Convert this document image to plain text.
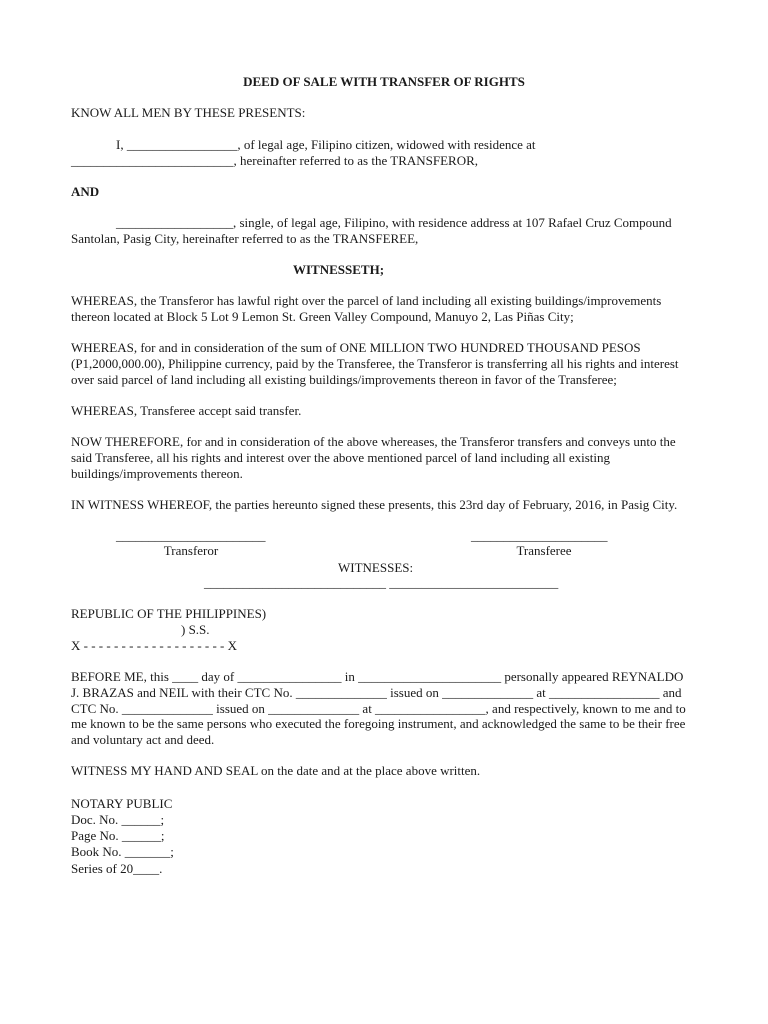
DEED OF SALE WITH TRANSFER OF RIGHTS
KNOW ALL MEN BY THESE PRESENTS:
I, _________________, of legal age, Filipino citizen, widowed with residence at
_________________________, hereinafter referred to as the TRANSFEROR,
AND
__________________, single, of legal age, Filipino, with residence address at 107 Rafael Cruz Compound
Santolan, Pasig City, hereinafter referred to as the TRANSFEREE,
WITNESSETH;
WHEREAS, the Transferor has lawful right over the parcel of land including all existing buildings/improvements
thereon located at Block 5 Lot 9 Lemon St. Green Valley Compound, Manuyo 2, Las Piñas City;
WHEREAS, for and in consideration of the sum of ONE MILLION TWO HUNDRED THOUSAND PESOS
(P1,2000,000.00), Philippine currency, paid by the Transferee, the Transferor is transferring all his rights and interest
over said parcel of land including all existing buildings/improvements thereon in favor of the Transferee;
WHEREAS, Transferee accept said transfer.
NOW THEREFORE, for and in consideration of the above whereases, the Transferor transfers and conveys unto the
said Transferee, all his rights and interest over the above mentioned parcel of land including all existing
buildings/improvements thereon.
IN WITNESS WHEREOF, the parties hereunto signed these presents, this 23rd day of February, 2016, in Pasig City.
_______________________
Transferor
_____________________
Transferee
WITNESSES:
____________________________ __________________________
REPUBLIC OF THE PHILIPPINES)
) S.S.
X - - - - - - - - - - - - - - - - - - - X
BEFORE ME, this ____ day of ________________ in ______________________ personally appeared REYNALDO
J. BRAZAS and NEIL with their CTC No. ______________ issued on ______________ at _________________ and
CTC No. ______________ issued on ______________ at _________________, and respectively, known to me and to
me known to be the same persons who executed the foregoing instrument, and acknowledged the same to be their free
and voluntary act and deed.
WITNESS MY HAND AND SEAL on the date and at the place above written.
NOTARY PUBLIC
Doc. No. ______;
Page No. ______;
Book No. _______;
Series of 20____.
